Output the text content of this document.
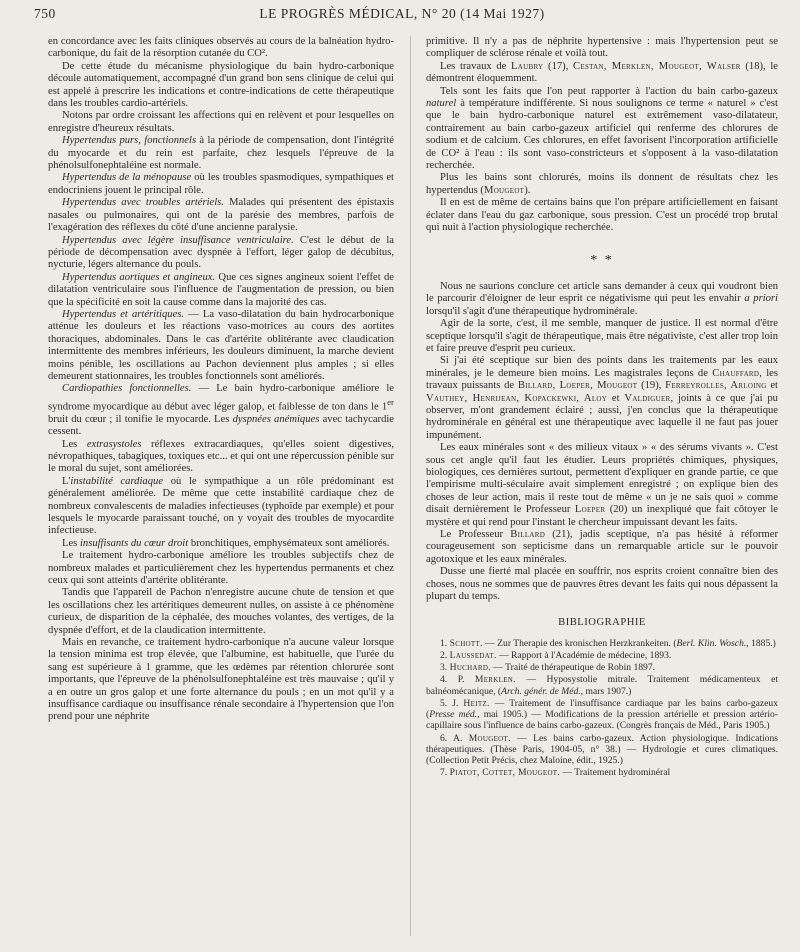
750	LE PROGRÈS MÉDICAL, N° 20 (14 Mai 1927)

en concordance avec les faits cliniques observés au cours de la balnéation hydro-carbonique, du fait de la résorption cutanée du CO².

De cette étude du mécanisme physiologique du bain hydro-carbonique découle automatiquement, accompagné d'un grand bon sens clinique de celui qui est appelé à prescrire les indications et contre-indications de cette thérapeutique dans les troubles cardio-artériels.

Notons par ordre croissant les affections qui en relèvent et pour lesquelles on enregistre d'heureux résultats.

Hypertendus purs, fonctionnels à la période de compensation, dont l'intégrité du myocarde et du rein est parfaite, chez lesquels l'épreuve de la phénolsulfonephtaléine est normale.

Hypertendus de la ménopause où les troubles spasmodiques, sympathiques et endocriniens jouent le principal rôle.

Hypertendus avec troubles artériels. Malades qui présentent des épistaxis nasales ou pulmonaires, qui ont de la parésie des membres, parfois de l'exagération des réflexes du côté d'une ancienne paralysie.

Hypertendus avec légère insuffisance ventriculaire. C'est le début de la période de décompensation avec dyspnée à l'effort, léger galop de décubitus, nycturie, légers alternance du pouls.

Hypertendus aortiques et angineux. Que ces signes angineux soient l'effet de dilatation ventriculaire sous l'influence de l'augmentation de pression, ou bien que la spécificité en soit la cause comme dans la majorité des cas.

Hypertendus et artéritiques. — La vaso-dilatation du bain hydrocarbonique atténue les douleurs et les réactions vaso-motrices au cours des aortites thoraciques, abdominales. Dans le cas d'artérite oblitérante avec claudication intermittente des membres inférieurs, les douleurs diminuent, la marche devient moins pénible, les oscillations au Pachon deviennent plus amples ; si elles demeurent stationnaires, les troubles fonctionnels sont améliorés.

Cardiopathies fonctionnelles. — Le bain hydro-carbonique améliore le syndrome myocardique au début avec léger galop, et faiblesse de ton dans le 1er bruit du cœur ; il tonifie le myocarde. Les dyspnées anémiques avec tachycardie cessent.

Les extrasystoles réflexes extracardiaques, qu'elles soient digestives, névropathiques, tabagiques, toxiques etc... et qui ont une répercussion pénible sur le moral du sujet, sont améliorées.

L'instabilité cardiaque où le sympathique a un rôle prédominant est généralement améliorée. De même que cette instabilité cardiaque chez de nombreux convalescents de maladies infectieuses (typhoïde par exemple) et pour lesquels le myocarde paraissant touché, on y voyait des troubles de myocardite infectieuse.

Les insuffisants du cœur droit bronchitiques, emphysémateux sont améliorés.

Le traitement hydro-carbonique améliore les troubles subjectifs chez de nombreux malades et particulièrement chez les hypertendus permanents et chez ceux qui sont atteints d'artérite oblitérante.

Tandis que l'appareil de Pachon n'enregistre aucune chute de tension et que les oscillations chez les artéritiques demeurent nulles, on assiste à ce phénomène curieux, de disparition de la céphalée, des mouches volantes, des vertiges, de la dyspnée d'effort, et de la claudication intermittente.

Mais en revanche, ce traitement hydro-carbonique n'a aucune valeur lorsque la tension minima est trop élevée, que l'albumine, est habituelle, que l'urée du sang est supérieure à 1 gramme, que les œdèmes par rétention chlorurée sont importants, que l'épreuve de la phénolsulfonephtaléine est très mauvaise ; qu'il y a en outre un gros galop et une forte alternance du pouls ; en un mot qu'il y a insuffisance cardiaque ou insuffisance rénale secondaire à l'hypertension que l'on prend pour une néphrite

primitive. Il n'y a pas de néphrite hypertensive : mais l'hypertension peut se compliquer de sclérose rénale et voilà tout.

Les travaux de Laubry (17), Cestan, Merklen, Mougeot, Walser (18), le démontrent éloquemment.

Tels sont les faits que l'on peut rapporter à l'action du bain carbo-gazeux naturel à température indifférente. Si nous soulignons ce terme « naturel » c'est que le bain hydro-carbonique naturel est extrêmement vaso-dilatateur, contrairement au bain carbo-gazeux artificiel qui renferme des chlorures de sodium et de calcium. Ces chlorures, en effet favorisent l'incorporation artificielle de CO² à l'eau : ils sont vaso-constricteurs et s'opposent à la vaso-dilatation recherchée.

Plus les bains sont chlorurés, moins ils donnent de résultats chez les hypertendus (Mougeot).

Il en est de même de certains bains que l'on prépare artificiellement en faisant éclater dans l'eau du gaz carbonique, sous pression. C'est un procédé trop brutal qui nuit à l'action physiologique recherchée.

* *

Nous ne saurions conclure cet article sans demander à ceux qui voudront bien le parcourir d'éloigner de leur esprit ce négativisme qui peut les envahir a priori lorsqu'il s'agit d'une thérapeutique hydrominérale.

Agir de la sorte, c'est, il me semble, manquer de justice. Il est normal d'être sceptique lorsqu'il s'agit de thérapeutique, mais être négativiste, c'est aller trop loin et faire preuve d'esprit peu curieux.

Si j'ai été sceptique sur bien des points dans les traitements par les eaux minérales, je le demeure bien moins. Les magistrales leçons de Chauffard, les travaux puissants de Billard, Loeper, Mougeot (19), Ferreyrolles, Arloing et Vauthey, Henrijean, Kopackewki, Aloy et Valdiguer, joints à ce que j'ai pu observer, m'ont grandement éclairé ; aussi, j'en conclus que la thérapeutique hydrominérale en général est une thérapeutique avec laquelle il ne faut pas jouer impunément.

Les eaux minérales sont « des milieux vitaux » « des sérums vivants ». C'est sous cet angle qu'il faut les étudier. Leurs propriétés chimiques, physiques, biologiques, ces dernières surtout, permettent d'expliquer en grande partie, ce que l'empirisme multi-séculaire avait simplement enregistré ; on explique bien des choses de leur action, mais il reste tout de même « un je ne sais quoi » comme disait dernièrement le Professeur Loeper (20) un inexpliqué que fait côtoyer le mystère et qui rend pour l'instant le chercheur impuissant devant les faits.

Le Professeur Billard (21), jadis sceptique, n'a pas hésité à réformer courageusement son septicisme dans un remarquable article sur le pouvoir agotoxique et les eaux minérales.

Dusse une fierté mal placée en souffrir, nos esprits croient connaître bien des choses, nous ne sommes que de pauvres êtres devant les faits qui nous dépassent la plupart du temps.

BIBLIOGRAPHIE
1. Schott. — Zur Therapie des kronischen Herzkrankeiten. (Berl. Klin. Wosch., 1885.)
2. Laussedat. — Rapport à l'Académie de médecine, 1893.
3. Huchard. — Traité de thérapeutique de Robin 1897.
4. P. Merklen. — Hyposystolie mitrale. Traitement médicamenteux et balnéomécanique, (Arch. génér. de Méd., mars 1907.)
5. J. Heitz. — Traitement de l'insuffisance cardiaque par les bains carbo-gazeux (Presse méd., mai 1905.) — Modifications de la pression artérielle et pression artério-capillaire sous l'influence de bains carbo-gazeux. (Congrès français de Méd., Paris 1905.)
6. A. Mougeot. — Les bains carbo-gazeux. Action physiologique. Indications thérapeutiques. (Thèse Paris, 1904-05, n° 38.) — Hydrologie et cures climatiques. (Collection Petit Précis, chez Maloine, édit., 1925.)
7. Piatot, Cottet, Mougeot. — Traitement hydrominéral
